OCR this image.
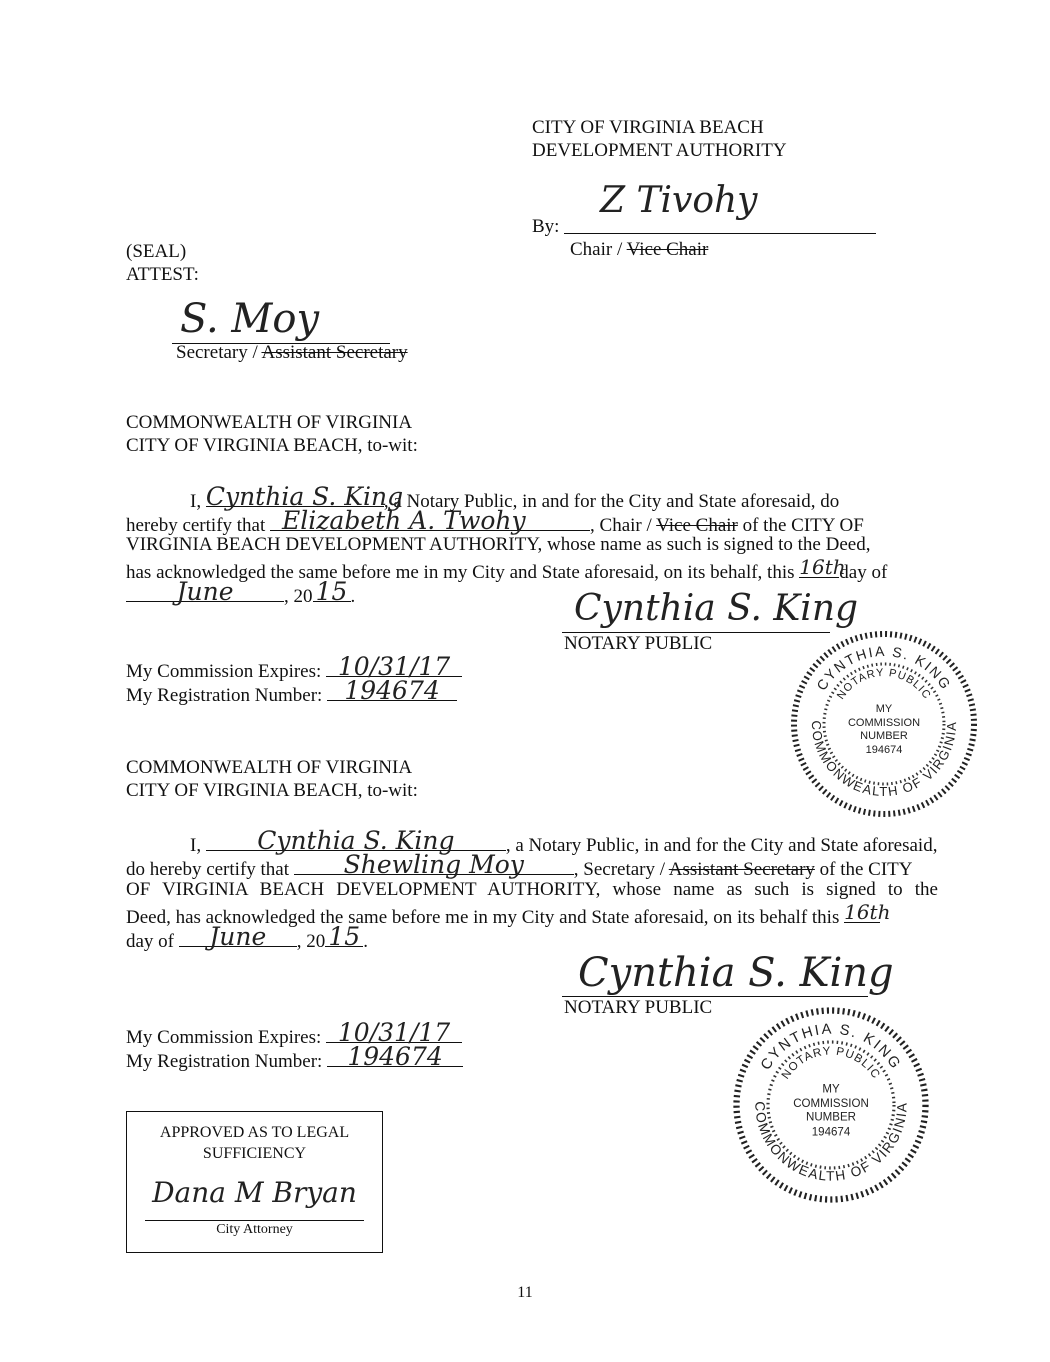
CITY OF VIRGINIA BEACH
DEVELOPMENT AUTHORITY
Z Tivohy
By:
Chair / Vice Chair
(SEAL)
ATTEST:
S. Moy
Secretary / Assistant Secretary
COMMONWEALTH OF VIRGINIA
CITY OF VIRGINIA BEACH, to-wit:
I, Cynthia S. King
, a Notary Public, in and for the City and State aforesaid, do
hereby certify that Elizabeth A. Twohy	, Chair / Vice Chair of the CITY OF
VIRGINIA BEACH DEVELOPMENT AUTHORITY, whose name as such is signed to the Deed,
has acknowledged the same before me in my City and State aforesaid, on its behalf, this 16th
day of
June	, 20 15 .	Cynthia S. King
NOTARY PUBLIC
My Commission Expires: 10/31/17
My Registration Number: 194674	CYNTHIA S. KING
NOTARY PUBLIC
COMMONWEALTH OF VIRGINIA
MY
COMMISSION
NUMBER
194674
COMMONWEALTH OF VIRGINIA
CITY OF VIRGINIA BEACH, to-wit:
I,	Cynthia S. King	, a Notary Public, in and for the City and State aforesaid,
do hereby certify that	Shewling Moy	, Secretary / Assistant Secretary of the CITY
OF VIRGINIA BEACH DEVELOPMENT AUTHORITY, whose name as such is signed to the
Deed, has acknowledged the same before me in my City and State aforesaid, on its behalf this 16th
day of	June	, 20 15 .
Cynthia S. King
NOTARY PUBLIC
My Commission Expires: 10/31/17
My Registration Number:	194674	CYNTHIA S. KING
NOTARY PUBLIC
COMMONWEALTH OF VIRGINIA
MY
COMMISSION
NUMBER
194674
APPROVED AS TO LEGAL
SUFFICIENCY
Dana M Bryan
City Attorney
11
